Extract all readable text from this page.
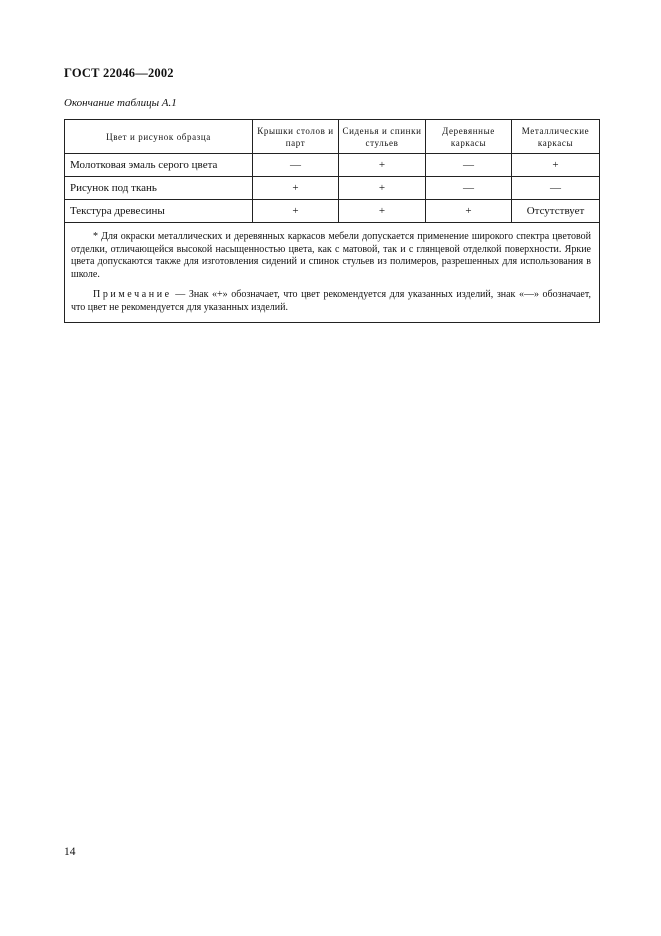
ГОСТ 22046—2002
Окончание таблицы А.1
Цвет и рисунок образца	Крышки столов и парт	Сиденья и спинки стульев	Деревянные каркасы	Металлические каркасы
Молотковая эмаль серого цвета	—	+	—	+
Рисунок под ткань	+	+	—	—
Текстура древесины	+	+	+	Отсутствует

* Для окраски металлических и деревянных каркасов мебели допускается применение широкого спектра цветовой отделки, отличающейся высокой насыщенностью цвета, как с матовой, так и с глянцевой отделкой поверхности. Яркие цвета допускаются также для изготовления сидений и спинок стульев из полимеров, разрешенных для использования в школе.

Примечание — Знак «+» обозначает, что цвет рекомендуется для указанных изделий, знак «—» обозначает, что цвет не рекомендуется для указанных изделий.				

14
